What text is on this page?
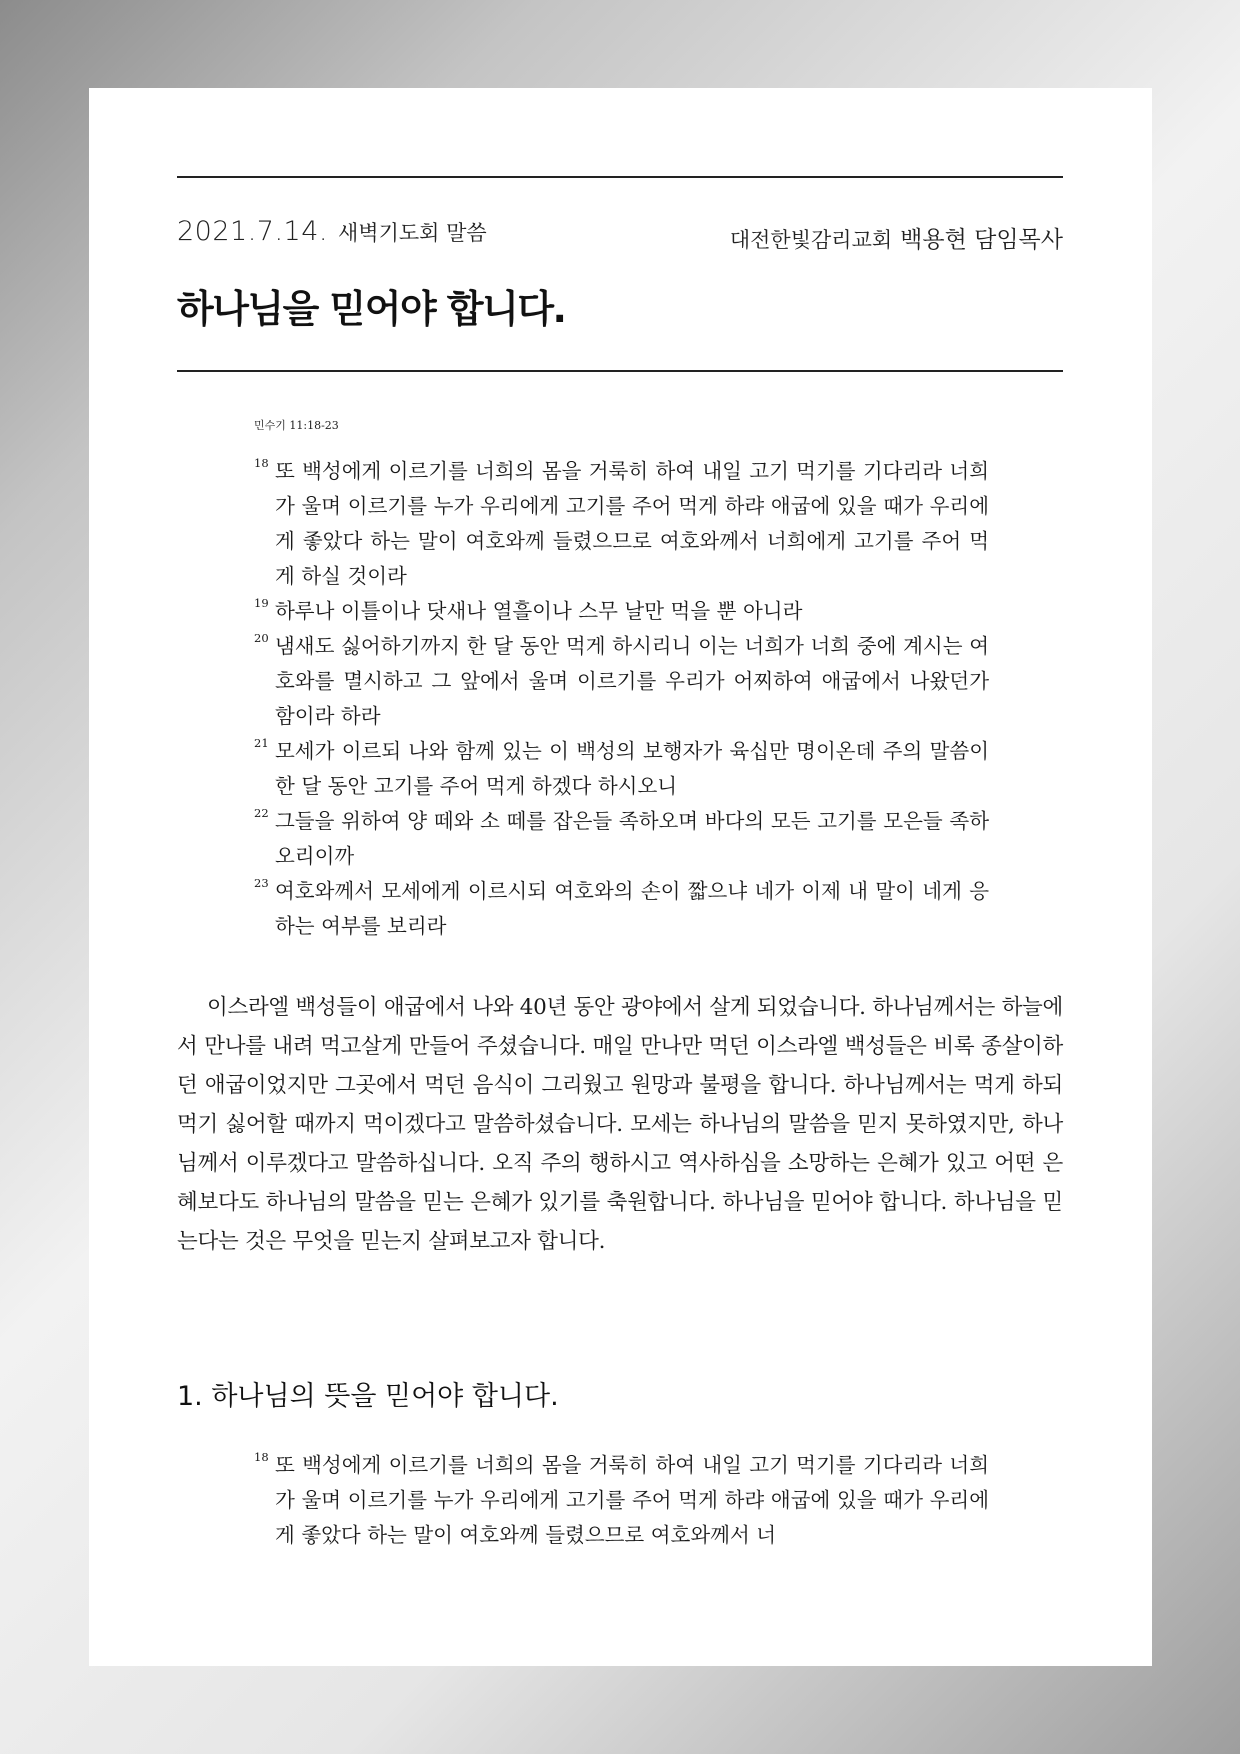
2021.7.14. 새벽기도회 말씀	대전한빛감리교회 백용현 담임목사
하나님을 믿어야 합니다.
민수기 11:18-23
18 또 백성에게 이르기를 너희의 몸을 거룩히 하여 내일 고기 먹기를 기다리라 너희가 울며 이르기를 누가 우리에게 고기를 주어 먹게 하랴 애굽에 있을 때가 우리에게 좋았다 하는 말이 여호와께 들렸으므로 여호와께서 너희에게 고기를 주어 먹게 하실 것이라
19 하루나 이틀이나 닷새나 열흘이나 스무 날만 먹을 뿐 아니라
20 냄새도 싫어하기까지 한 달 동안 먹게 하시리니 이는 너희가 너희 중에 계시는 여호와를 멸시하고 그 앞에서 울며 이르기를 우리가 어찌하여 애굽에서 나왔던가 함이라 하라
21 모세가 이르되 나와 함께 있는 이 백성의 보행자가 육십만 명이온데 주의 말씀이 한 달 동안 고기를 주어 먹게 하겠다 하시오니
22 그들을 위하여 양 떼와 소 떼를 잡은들 족하오며 바다의 모든 고기를 모은들 족하오리이까
23 여호와께서 모세에게 이르시되 여호와의 손이 짧으냐 네가 이제 내 말이 네게 응하는 여부를 보리라

이스라엘 백성들이 애굽에서 나와 40년 동안 광야에서 살게 되었습니다. 하나님께서는 하늘에서 만나를 내려 먹고살게 만들어 주셨습니다. 매일 만나만 먹던 이스라엘 백성들은 비록 종살이하던 애굽이었지만 그곳에서 먹던 음식이 그리웠고 원망과 불평을 합니다. 하나님께서는 먹게 하되 먹기 싫어할 때까지 먹이겠다고 말씀하셨습니다. 모세는 하나님의 말씀을 믿지 못하였지만, 하나님께서 이루겠다고 말씀하십니다. 오직 주의 행하시고 역사하심을 소망하는 은혜가 있고 어떤 은혜보다도 하나님의 말씀을 믿는 은혜가 있기를 축원합니다. 하나님을 믿어야 합니다. 하나님을 믿는다는 것은 무엇을 믿는지 살펴보고자 합니다.

1. 하나님의 뜻을 믿어야 합니다.
18 또 백성에게 이르기를 너희의 몸을 거룩히 하여 내일 고기 먹기를 기다리라 너희가 울며 이르기를 누가 우리에게 고기를 주어 먹게 하랴 애굽에 있을 때가 우리에게 좋았다 하는 말이 여호와께 들렸으므로 여호와께서 너
